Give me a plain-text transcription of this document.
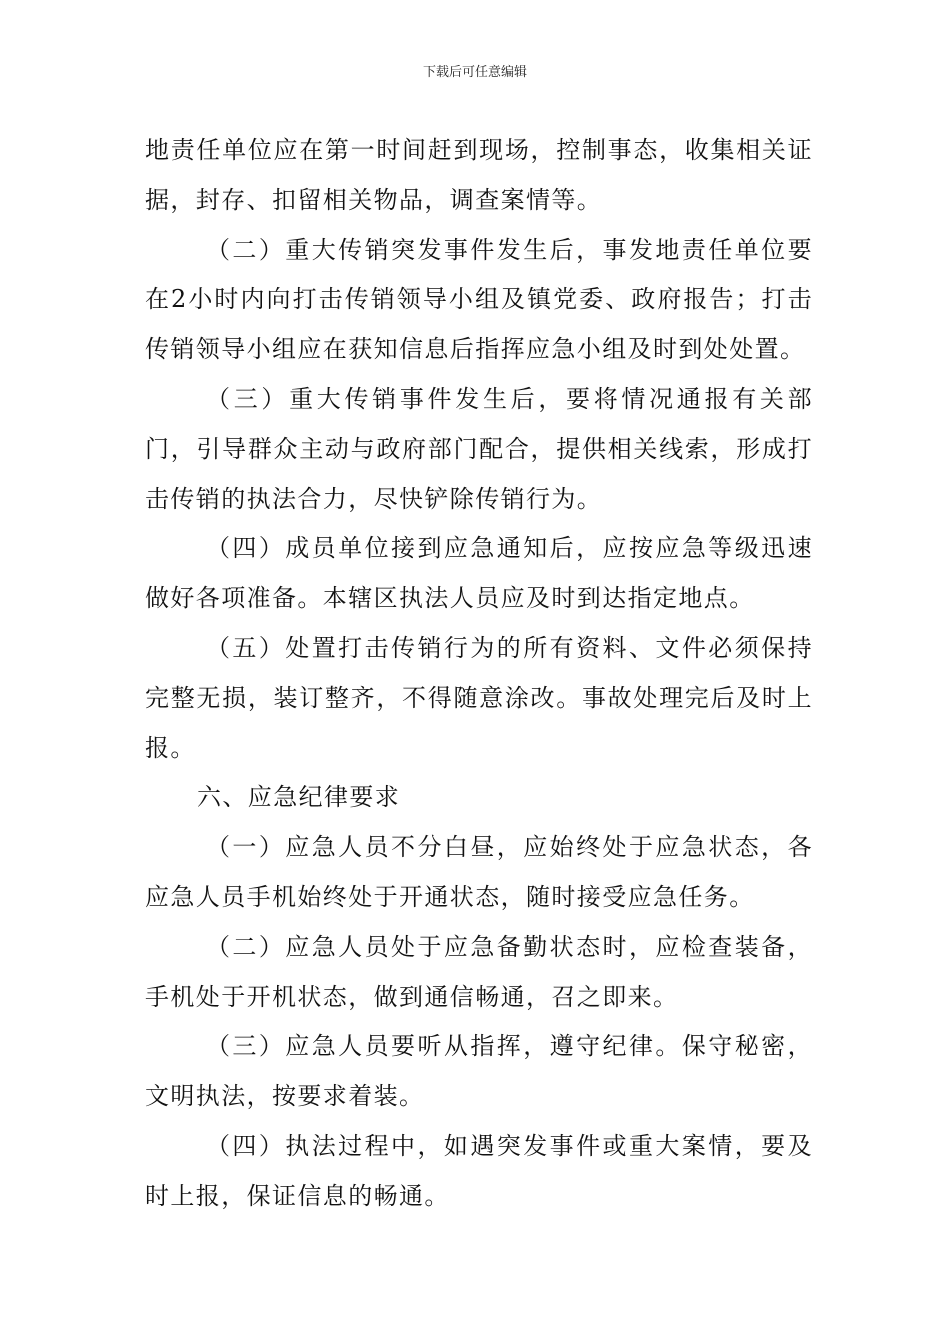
下载后可任意编辑

地责任单位应在第一时间赶到现场，控制事态，收集相关证据，封存、扣留相关物品，调查案情等。

（二）重大传销突发事件发生后，事发地责任单位要在2小时内向打击传销领导小组及镇党委、政府报告；打击传销领导小组应在获知信息后指挥应急小组及时到处处置。

（三）重大传销事件发生后，要将情况通报有关部门，引导群众主动与政府部门配合，提供相关线索，形成打击传销的执法合力，尽快铲除传销行为。

（四）成员单位接到应急通知后，应按应急等级迅速做好各项准备。本辖区执法人员应及时到达指定地点。

（五）处置打击传销行为的所有资料、文件必须保持完整无损，装订整齐，不得随意涂改。事故处理完后及时上报。

六、应急纪律要求

（一）应急人员不分白昼，应始终处于应急状态，各应急人员手机始终处于开通状态，随时接受应急任务。

（二）应急人员处于应急备勤状态时，应检查装备，手机处于开机状态，做到通信畅通，召之即来。

（三）应急人员要听从指挥，遵守纪律。保守秘密，文明执法，按要求着装。

（四）执法过程中，如遇突发事件或重大案情，要及时上报，保证信息的畅通。
